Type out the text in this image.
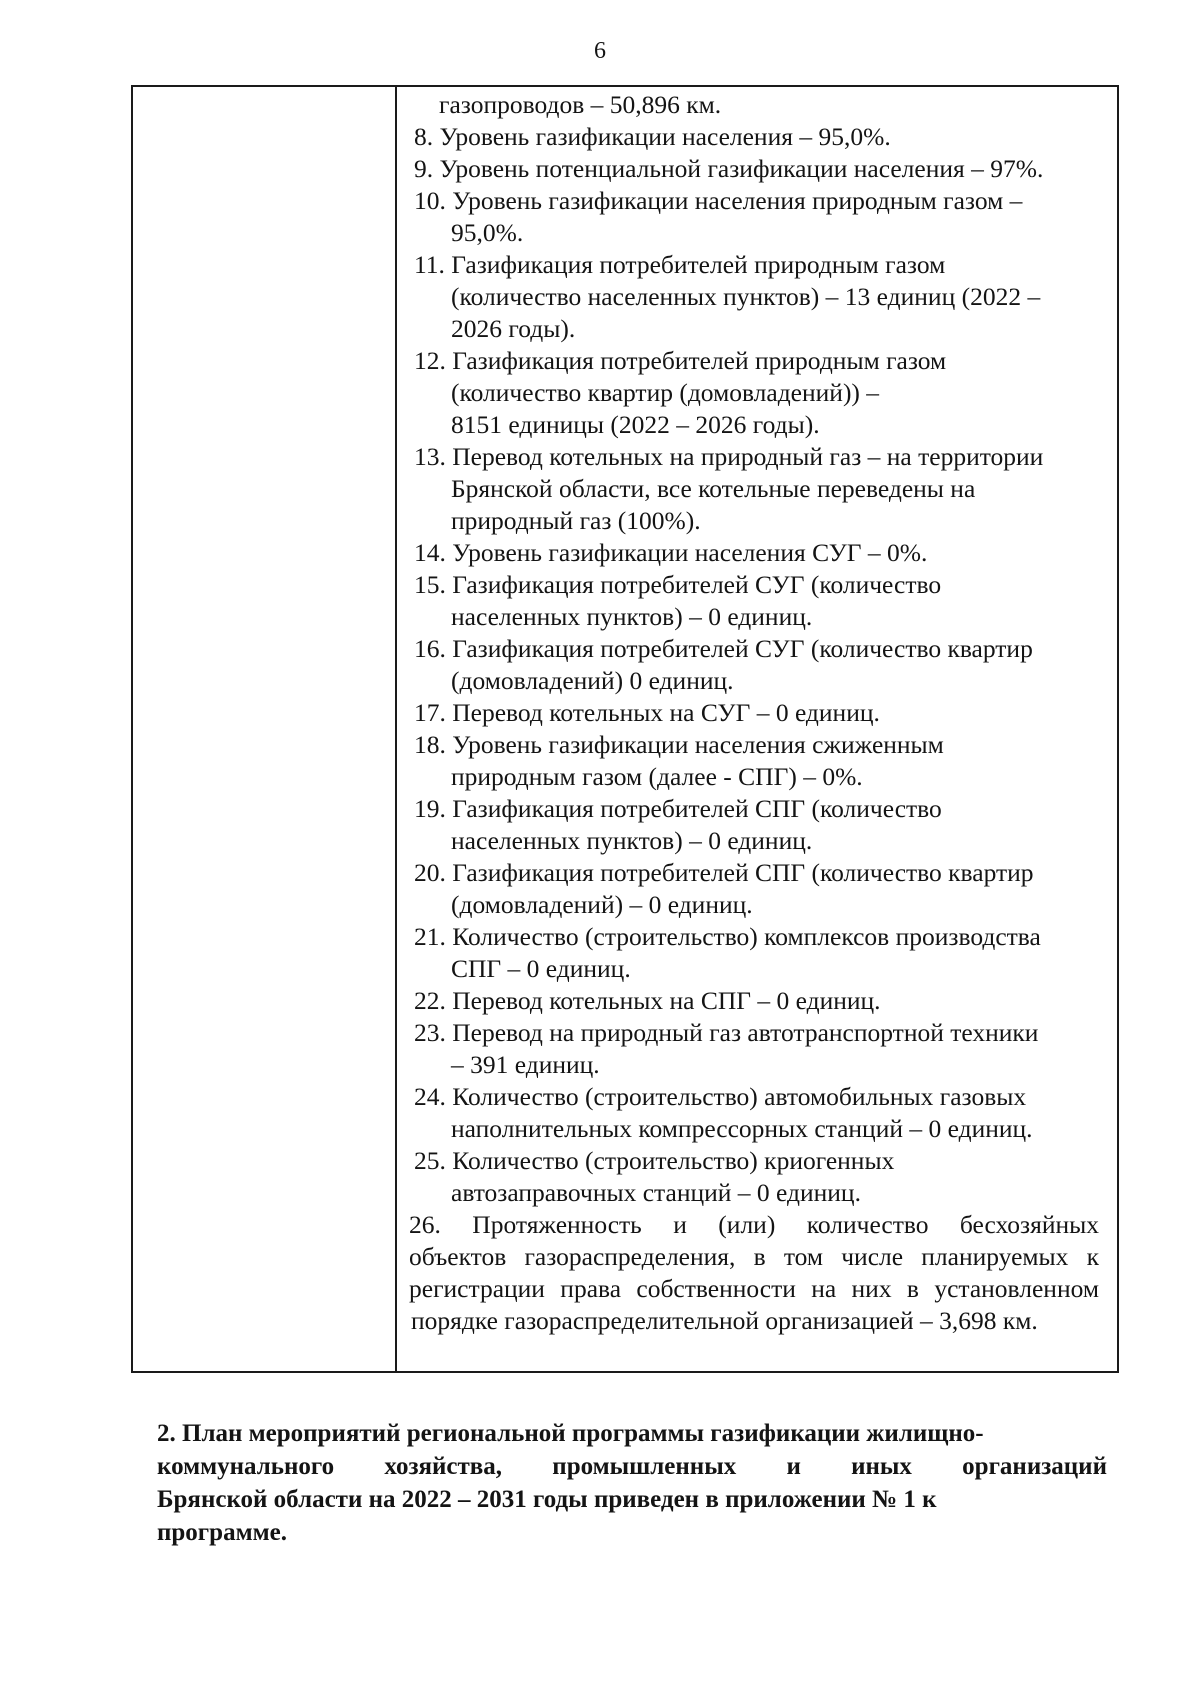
6
газопроводов – 50,896 км.
8. Уровень газификации населения – 95,0%.
9. Уровень потенциальной газификации населения – 97%.
10. Уровень газификации населения природным газом –
95,0%.
11. Газификация потребителей природным газом
(количество населенных пунктов) – 13 единиц (2022 –
2026 годы).
12. Газификация потребителей природным газом
(количество квартир (домовладений)) –
8151 единицы (2022 – 2026 годы).
13. Перевод котельных на природный газ – на территории
Брянской области, все котельные переведены на
природный газ (100%).
14. Уровень газификации населения СУГ – 0%.
15. Газификация потребителей СУГ (количество
населенных пунктов) – 0 единиц.
16. Газификация потребителей СУГ (количество квартир
(домовладений) 0 единиц.
17. Перевод котельных на СУГ – 0 единиц.
18. Уровень газификации населения сжиженным
природным газом (далее - СПГ) – 0%.
19. Газификация потребителей СПГ (количество
населенных пунктов) – 0 единиц.
20. Газификация потребителей СПГ (количество квартир
(домовладений) – 0 единиц.
21. Количество (строительство) комплексов производства
СПГ – 0 единиц.
22. Перевод котельных на СПГ – 0 единиц.
23. Перевод на природный газ автотранспортной техники
– 391 единиц.
24. Количество (строительство) автомобильных газовых
наполнительных компрессорных станций – 0 единиц.
25. Количество (строительство) криогенных
автозаправочных станций – 0 единиц.
26. Протяженность и (или) количество бесхозяйных
объектов газораспределения, в том числе планируемых к
регистрации права собственности на них в установленном
порядке газораспределительной организацией – 3,698 км.
2. План мероприятий региональной программы газификации жилищно-
коммунального хозяйства, промышленных и иных организаций
Брянской области на 2022 – 2031 годы приведен в приложении № 1 к
программе.
